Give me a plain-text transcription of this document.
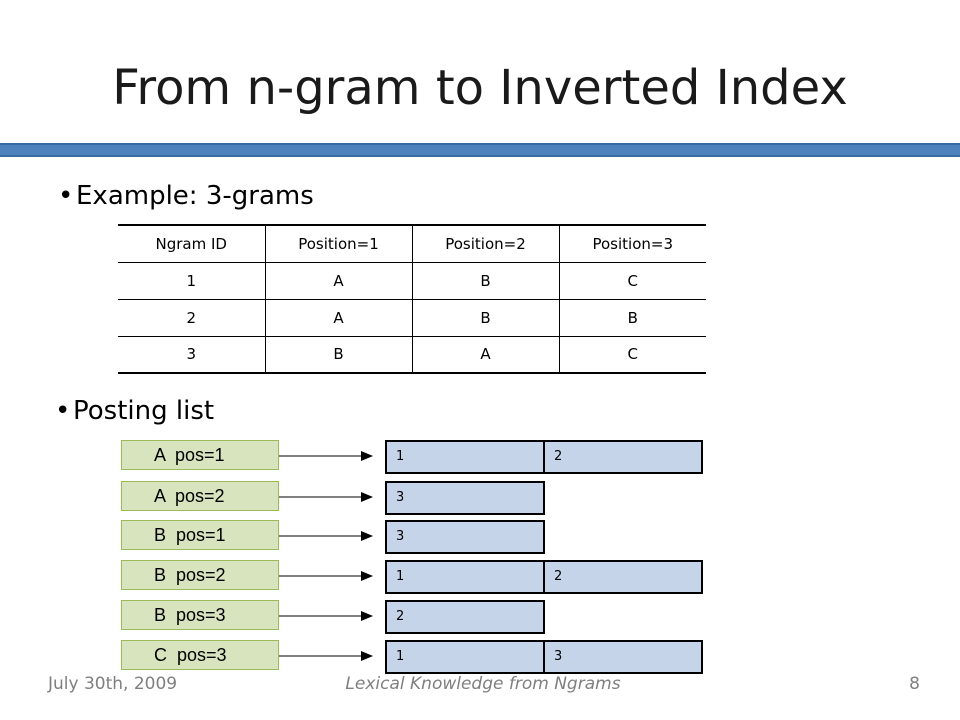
From n-gram to Inverted Index
• Example: 3-grams
Ngram ID	Position=1	Position=2	Position=3
1	A	B	C
2	A	B	B
3	B	A	C
• Posting list
A  pos=1	1	2
A  pos=2	3
B  pos=1	3
B  pos=2	1	2
B  pos=3	2
C  pos=3	1	3
July 30th, 2009	Lexical Knowledge from Ngrams	8
